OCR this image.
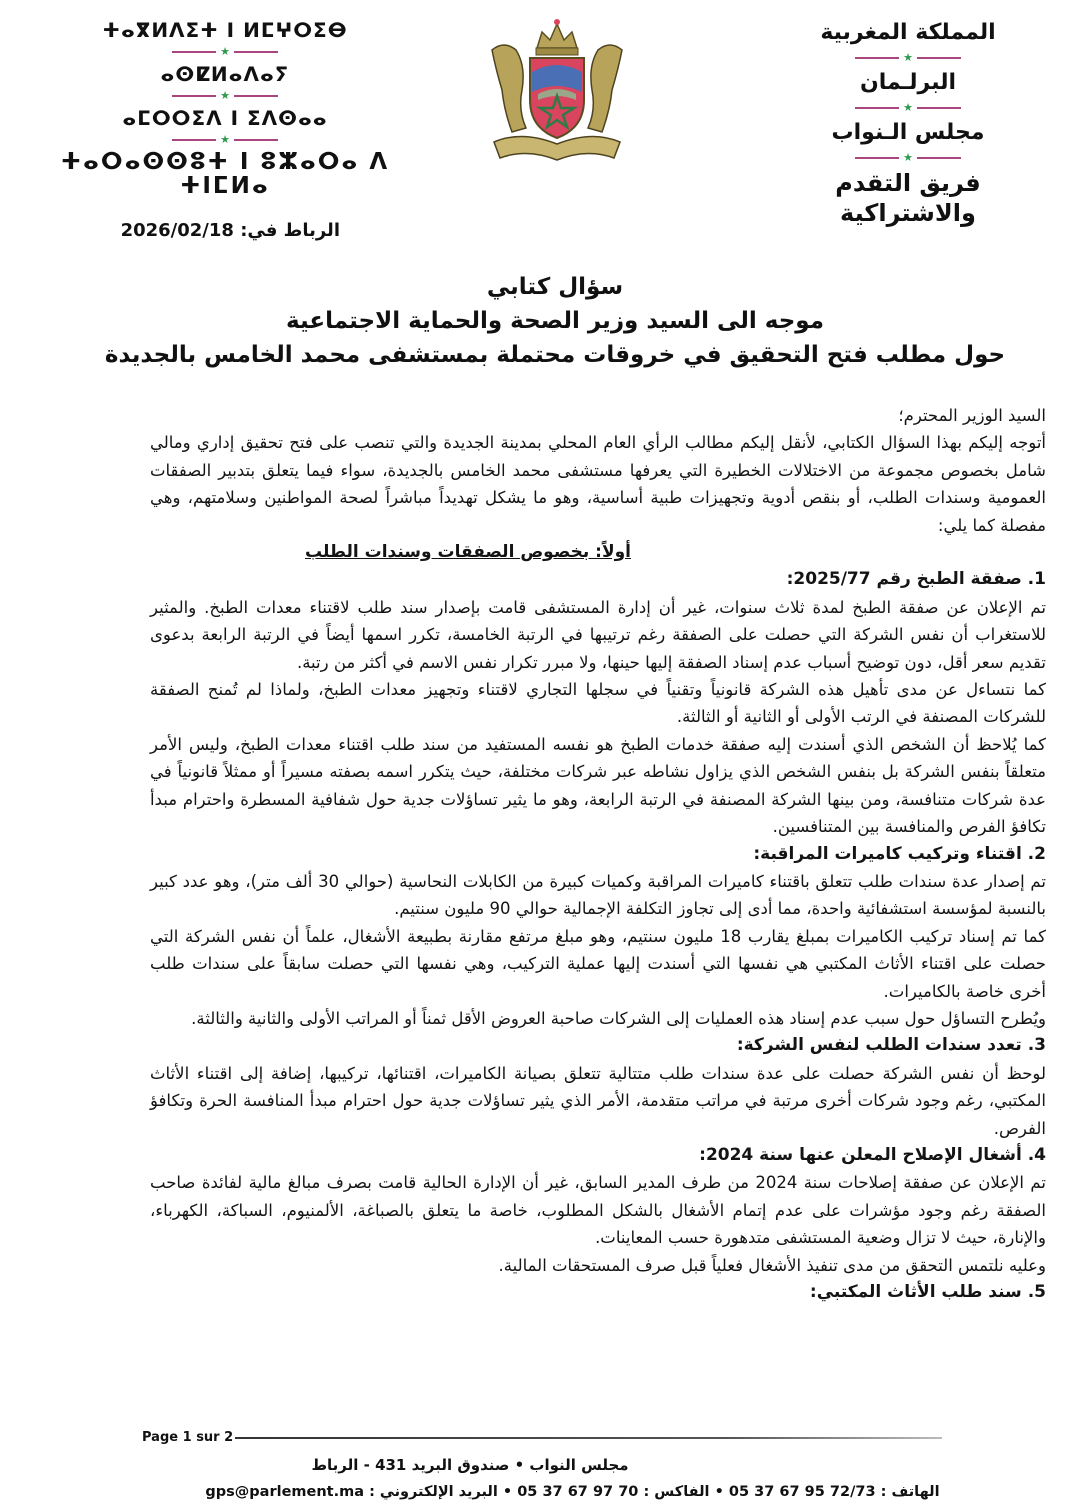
ⵜⴰⴳⵍⴷⵉⵜ ⵏ ⵍⵎⵖⵔⵉⴱ
★
ⴰⵙⵇⵍⴰⴷⴰⵢ
★
ⴰⵎⵔⵔⵉⴷ ⵏ ⵉⴷⵙⴰⴰ
★
ⵜⴰⵔⴰⵙⵙⵓⵜ ⵏ ⵓⵣⴰⵔⴰ ⴷ ⵜⵏⵎⵍⴰ
المملكة المغربية
★
البرلـمان
★
مجلس الـنواب
★
فريق التقدم والاشتراكية
الرباط في: 2026/02/18
سؤال كتابي
موجه الى السيد وزير الصحة والحماية الاجتماعية
حول مطلب فتح التحقيق في خروقات محتملة بمستشفى محمد الخامس بالجديدة

السيد الوزير المحترم؛

أتوجه إليكم بهذا السؤال الكتابي، لأنقل إليكم مطالب الرأي العام المحلي بمدينة الجديدة والتي تنصب على فتح تحقيق إداري ومالي شامل بخصوص مجموعة من الاختلالات الخطيرة التي يعرفها مستشفى محمد الخامس بالجديدة، سواء فيما يتعلق بتدبير الصفقات العمومية وسندات الطلب، أو بنقص أدوية وتجهيزات طبية أساسية، وهو ما يشكل تهديداً مباشراً لصحة المواطنين وسلامتهم، وهي مفصلة كما يلي:

أولاً: بخصوص الصفقات وسندات الطلب

1. صفقة الطبخ رقم 2025/77:

تم الإعلان عن صفقة الطبخ لمدة ثلاث سنوات، غير أن إدارة المستشفى قامت بإصدار سند طلب لاقتناء معدات الطبخ. والمثير للاستغراب أن نفس الشركة التي حصلت على الصفقة رغم ترتيبها في الرتبة الخامسة، تكرر اسمها أيضاً في الرتبة الرابعة بدعوى تقديم سعر أقل، دون توضيح أسباب عدم إسناد الصفقة إليها حينها، ولا مبرر تكرار نفس الاسم في أكثر من رتبة.

كما نتساءل عن مدى تأهيل هذه الشركة قانونياً وتقنياً في سجلها التجاري لاقتناء وتجهيز معدات الطبخ، ولماذا لم تُمنح الصفقة للشركات المصنفة في الرتب الأولى أو الثانية أو الثالثة.

كما يُلاحظ أن الشخص الذي أسندت إليه صفقة خدمات الطبخ هو نفسه المستفيد من سند طلب اقتناء معدات الطبخ، وليس الأمر متعلقاً بنفس الشركة بل بنفس الشخص الذي يزاول نشاطه عبر شركات مختلفة، حيث يتكرر اسمه بصفته مسيراً أو ممثلاً قانونياً في عدة شركات متنافسة، ومن بينها الشركة المصنفة في الرتبة الرابعة، وهو ما يثير تساؤلات جدية حول شفافية المسطرة واحترام مبدأ تكافؤ الفرص والمنافسة بين المتنافسين.

2. اقتناء وتركيب كاميرات المراقبة:

تم إصدار عدة سندات طلب تتعلق باقتناء كاميرات المراقبة وكميات كبيرة من الكابلات النحاسية (حوالي 30 ألف متر)، وهو عدد كبير بالنسبة لمؤسسة استشفائية واحدة، مما أدى إلى تجاوز التكلفة الإجمالية حوالي 90 مليون سنتيم.

كما تم إسناد تركيب الكاميرات بمبلغ يقارب 18 مليون سنتيم، وهو مبلغ مرتفع مقارنة بطبيعة الأشغال، علماً أن نفس الشركة التي حصلت على اقتناء الأثاث المكتبي هي نفسها التي أسندت إليها عملية التركيب، وهي نفسها التي حصلت سابقاً على سندات طلب أخرى خاصة بالكاميرات.

ويُطرح التساؤل حول سبب عدم إسناد هذه العمليات إلى الشركات صاحبة العروض الأقل ثمناً أو المراتب الأولى والثانية والثالثة.

3. تعدد سندات الطلب لنفس الشركة:

لوحظ أن نفس الشركة حصلت على عدة سندات طلب متتالية تتعلق بصيانة الكاميرات، اقتنائها، تركيبها، إضافة إلى اقتناء الأثاث المكتبي، رغم وجود شركات أخرى مرتبة في مراتب متقدمة، الأمر الذي يثير تساؤلات جدية حول احترام مبدأ المنافسة الحرة وتكافؤ الفرص.

4. أشغال الإصلاح المعلن عنها سنة 2024:

تم الإعلان عن صفقة إصلاحات سنة 2024 من طرف المدير السابق، غير أن الإدارة الحالية قامت بصرف مبالغ مالية لفائدة صاحب الصفقة رغم وجود مؤشرات على عدم إتمام الأشغال بالشكل المطلوب، خاصة ما يتعلق بالصباغة، الألمنيوم، السباكة، الكهرباء، والإنارة، حيث لا تزال وضعية المستشفى متدهورة حسب المعاينات.

وعليه نلتمس التحقق من مدى تنفيذ الأشغال فعلياً قبل صرف المستحقات المالية.

5. سند طلب الأثاث المكتبي:

Page 1 sur 2
مجلس النواب • صندوق البريد 431 - الرباط
الهاتف : 72/73 95 67 37 05 • الفاكس : 70 97 67 37 05 • البريد الإلكتروني : gps@parlement.ma
